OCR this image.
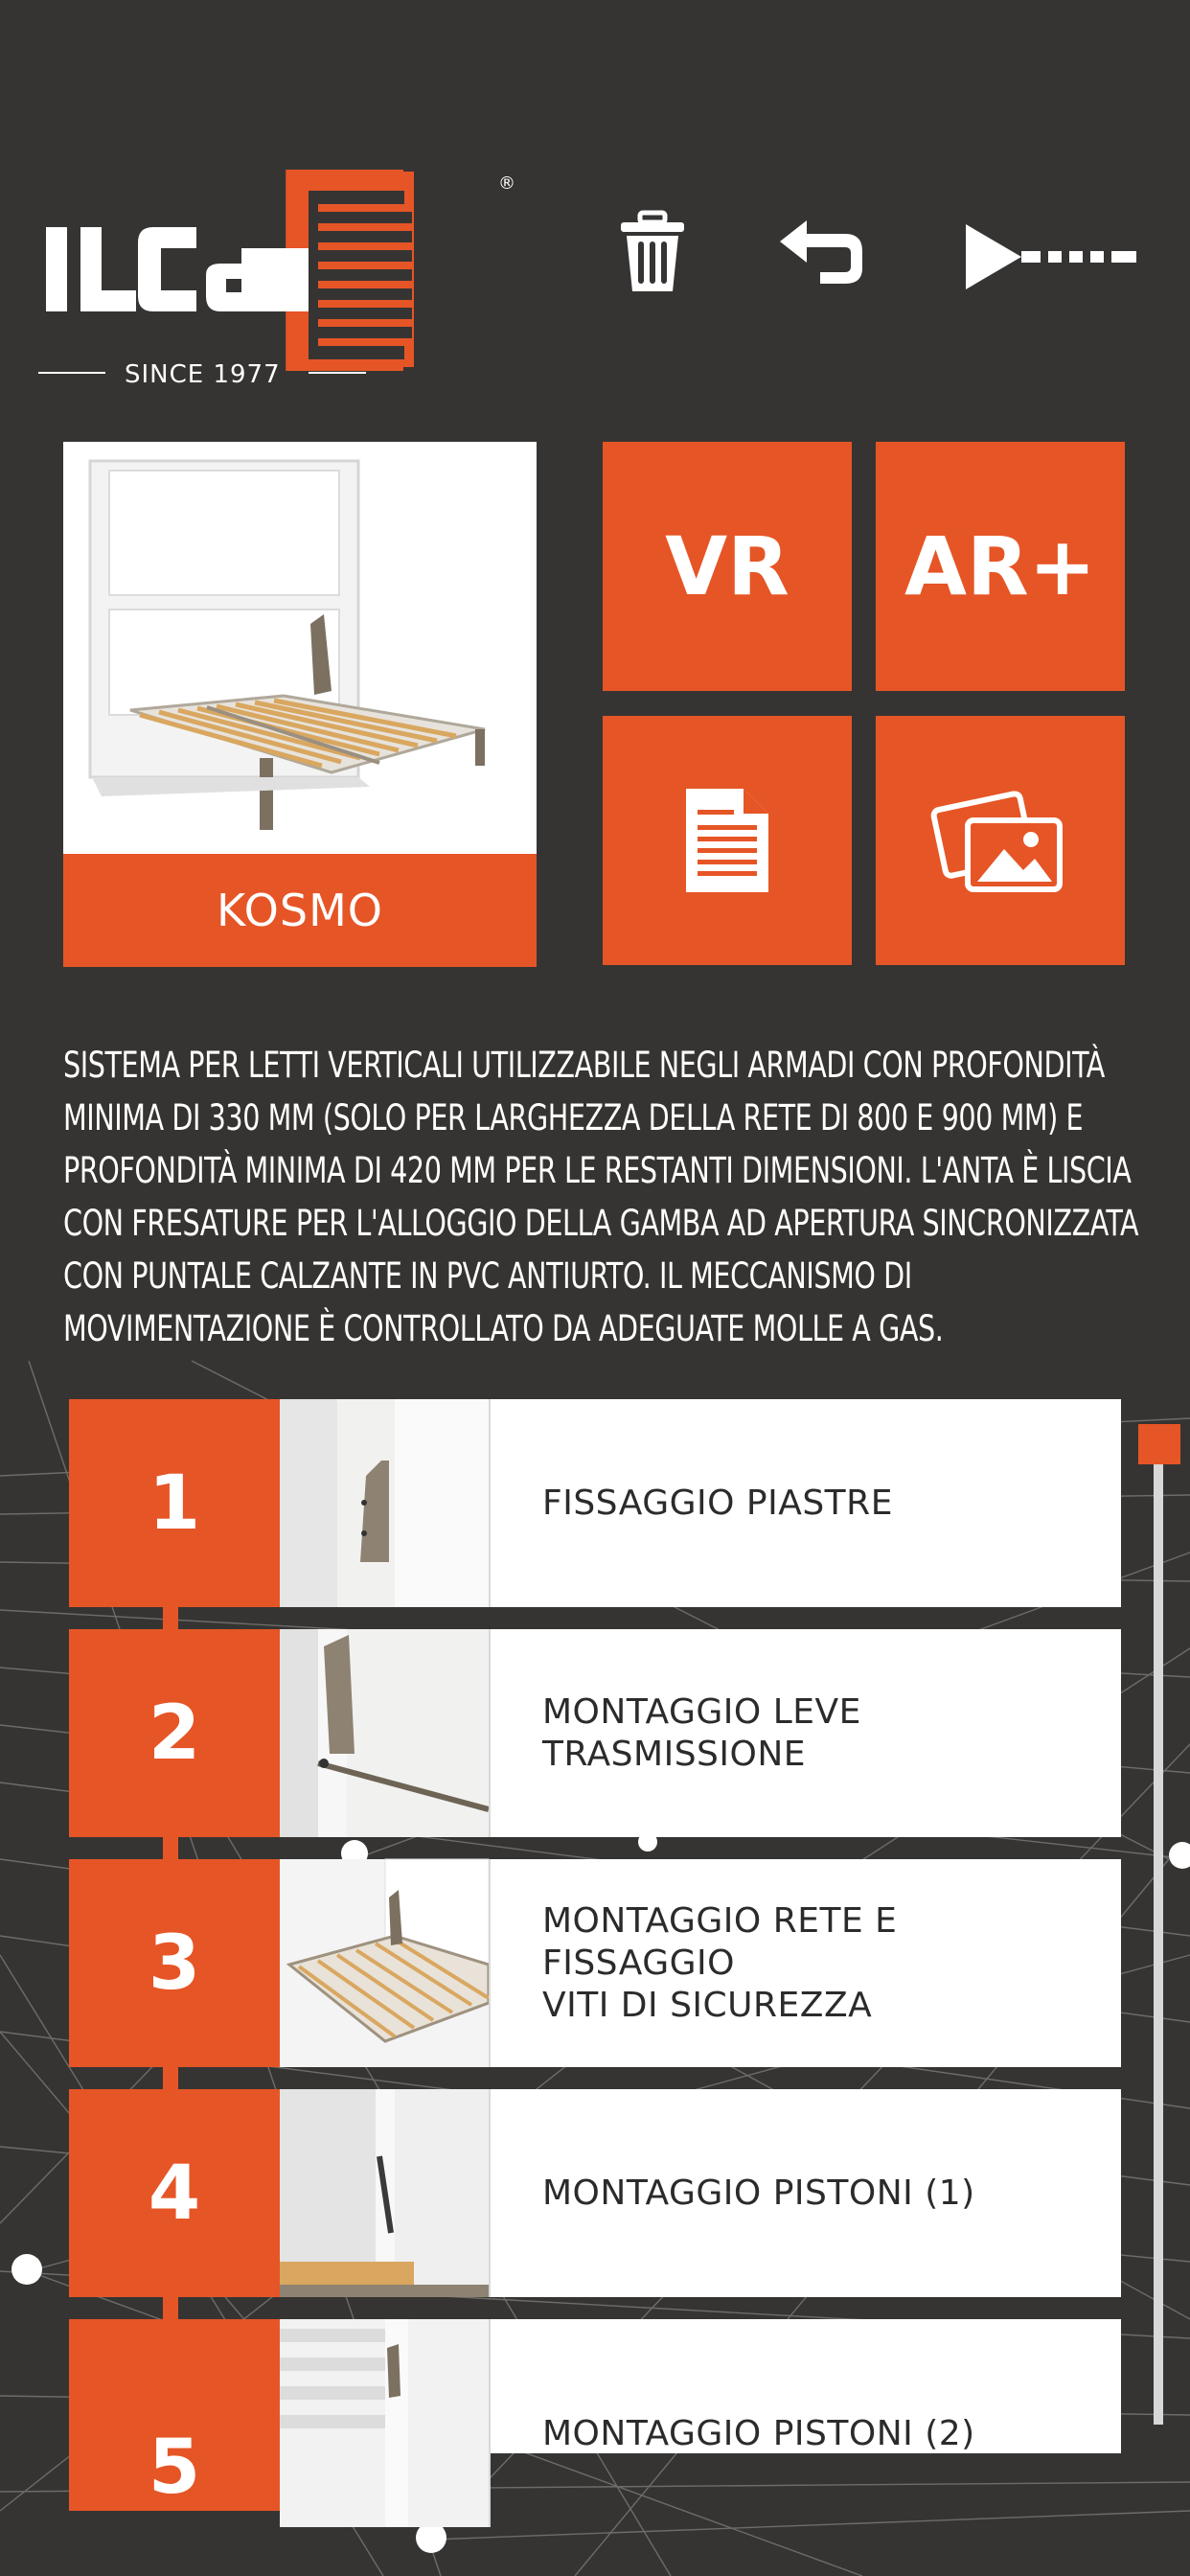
®
SINCE 1977
KOSMO
VR AR+
SISTEMA PER LETTI VERTICALI UTILIZZABILE NEGLI ARMADI CON PROFONDITÀ MINIMA DI 330 MM (SOLO PER LARGHEZZA DELLA RETE DI 800 E 900 MM) E PROFONDITÀ MINIMA DI 420 MM PER LE RESTANTI DIMENSIONI. L'ANTA È LISCIA CON FRESATURE PER L'ALLOGGIO DELLA GAMBA AD APERTURA SINCRONIZZATA CON PUNTALE CALZANTE IN PVC ANTIURTO. IL MECCANISMO DI MOVIMENTAZIONE È CONTROLLATO DA ADEGUATE MOLLE A GAS.
1	FISSAGGIO PIASTRE
2	MONTAGGIO LEVE
TRASMISSIONE
3	MONTAGGIO RETE E FISSAGGIO
VITI DI SICUREZZA
4	MONTAGGIO PISTONI (1)
5	MONTAGGIO PISTONI (2)
